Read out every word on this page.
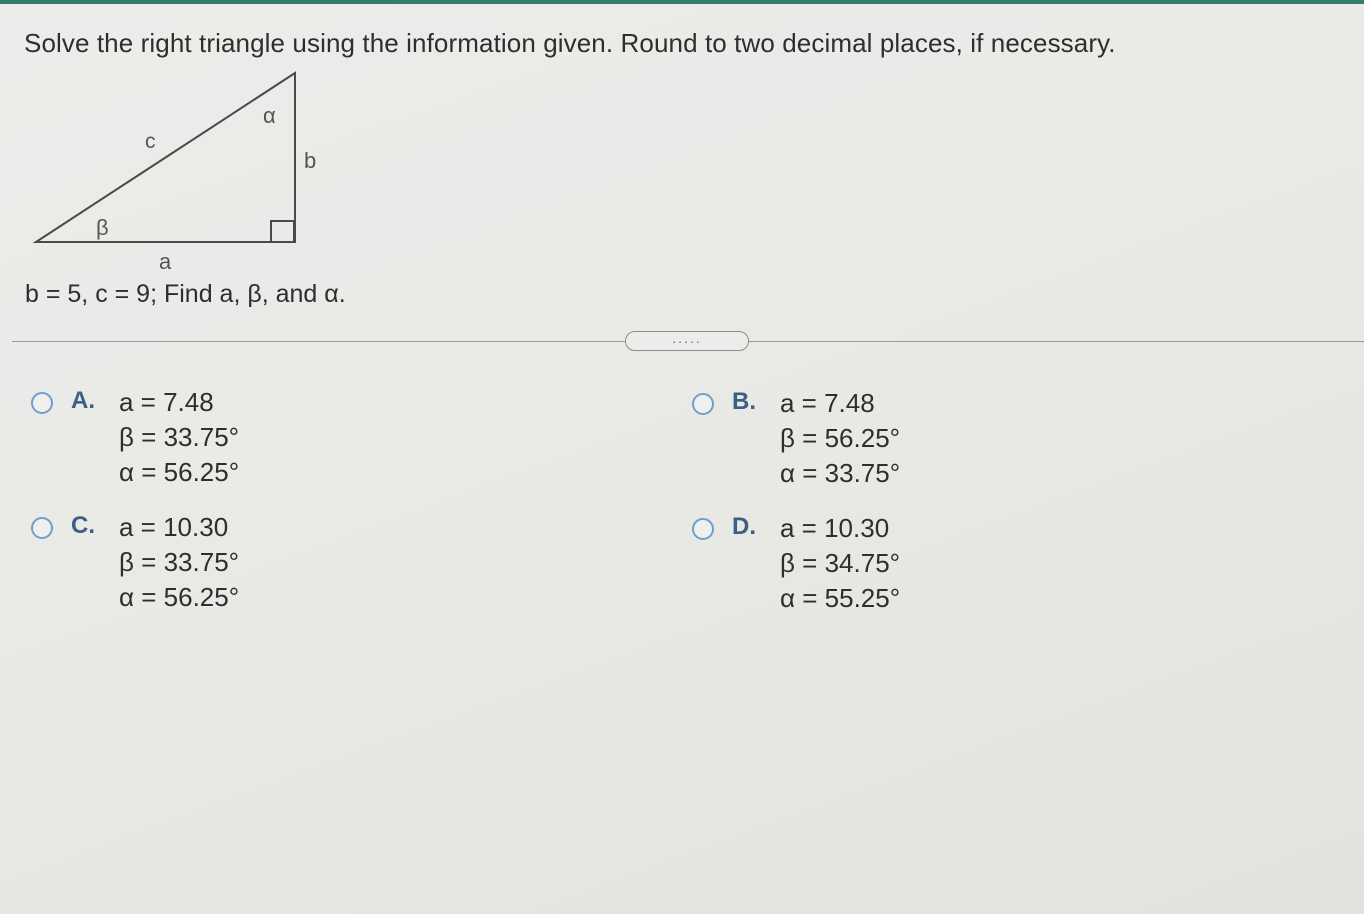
Solve the right triangle using the information given. Round to two decimal places, if necessary.
c
α
b
β
a
b = 5, c = 9; Find a, β, and α.
.....
A. a = 7.48
β = 33.75°
α = 56.25°
B. a = 7.48
β = 56.25°
α = 33.75°
C. a = 10.30
β = 33.75°
α = 56.25°
D. a = 10.30
β = 34.75°
α = 55.25°
